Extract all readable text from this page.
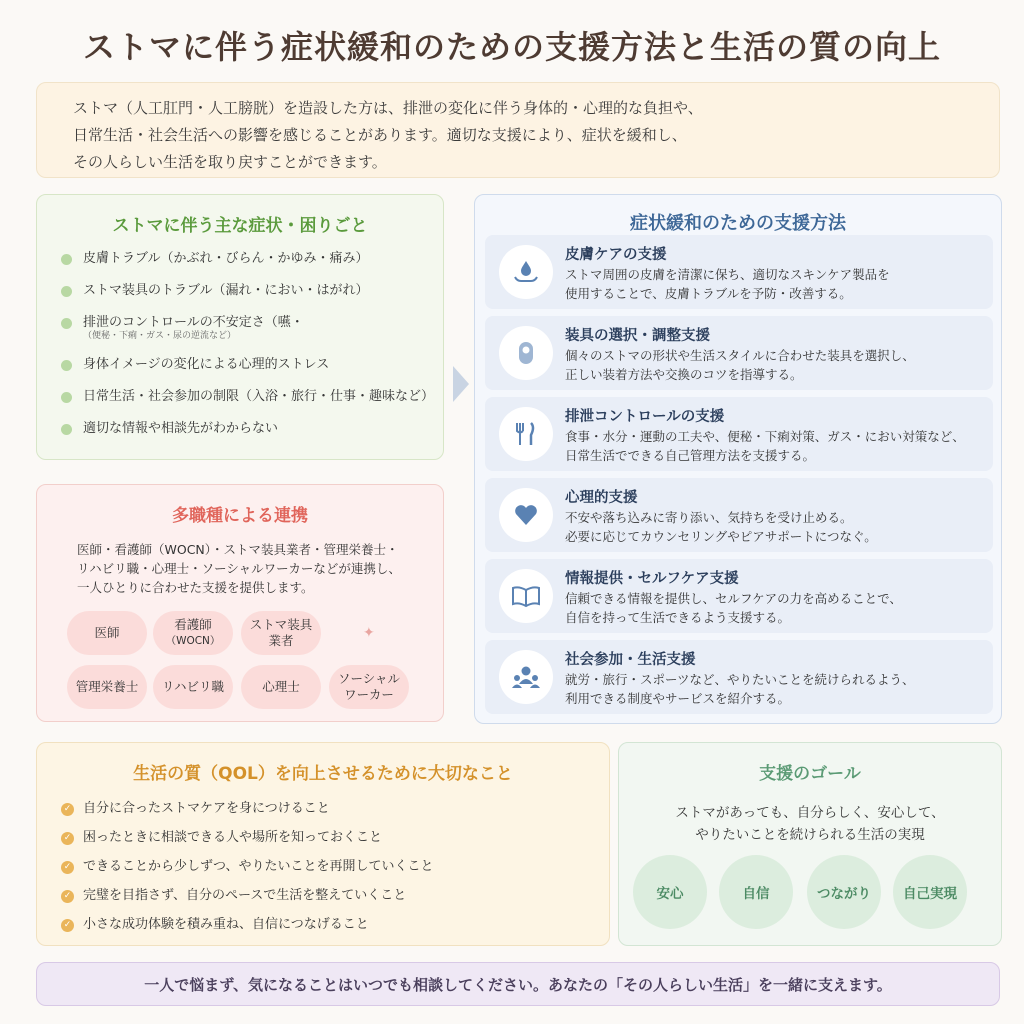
ストマに伴う症状緩和のための支援方法と生活の質の向上

ストマ（人工肛門・人工膀胱）を造設した方は、排泄の変化に伴う身体的・心理的な負担や、

日常生活・社会生活への影響を感じることがあります。適切な支援により、症状を緩和し、

その人らしい生活を取り戻すことができます。

ストマに伴う主な症状・困りごと
皮膚トラブル（かぶれ・びらん・かゆみ・痛み）
ストマ装具のトラブル（漏れ・におい・はがれ）
排泄のコントロールの不安定さ（嚥・
（便秘・下痢・ガス・尿の逆流など）
身体イメージの変化による心理的ストレス
日常生活・社会参加の制限（入浴・旅行・仕事・趣味など）
適切な情報や相談先がわからない
多職種による連携

医師・看護師（WOCN）・ストマ装具業者・管理栄養士・

リハビリ職・心理士・ソーシャルワーカーなどが連携し、

一人ひとりに合わせた支援を提供します。

医師
看護師
（WOCN）
ストマ装具
業者	✦
管理栄養士 リハビリ職	心理士
ソーシャル
ワーカー
症状緩和のための支援方法
皮膚ケアの支援

ストマ周囲の皮膚を清潔に保ち、適切なスキンケア製品を

使用することで、皮膚トラブルを予防・改善する。

装具の選択・調整支援

個々のストマの形状や生活スタイルに合わせた装具を選択し、

正しい装着方法や交換のコツを指導する。

排泄コントロールの支援

食事・水分・運動の工夫や、便秘・下痢対策、ガス・におい対策など、

日常生活でできる自己管理方法を支援する。

心理的支援

不安や落ち込みに寄り添い、気持ちを受け止める。

必要に応じてカウンセリングやピアサポートにつなぐ。

情報提供・セルフケア支援

信頼できる情報を提供し、セルフケアの力を高めることで、

自信を持って生活できるよう支援する。

社会参加・生活支援

就労・旅行・スポーツなど、やりたいことを続けられるよう、

利用できる制度やサービスを紹介する。

生活の質（QOL）を向上させるために大切なこと
✓ 自分に合ったストマケアを身につけること
✓ 困ったときに相談できる人や場所を知っておくこと
✓ できることから少しずつ、やりたいことを再開していくこと
✓ 完璧を目指さず、自分のペースで生活を整えていくこと
✓ 小さな成功体験を積み重ね、自信につなげること
支援のゴール

ストマがあっても、自分らしく、安心して、

やりたいことを続けられる生活の実現

安心	自信	つながり	自己実現
一人で悩まず、気になることはいつでも相談してください。あなたの「その人らしい生活」を一緒に支えます。
